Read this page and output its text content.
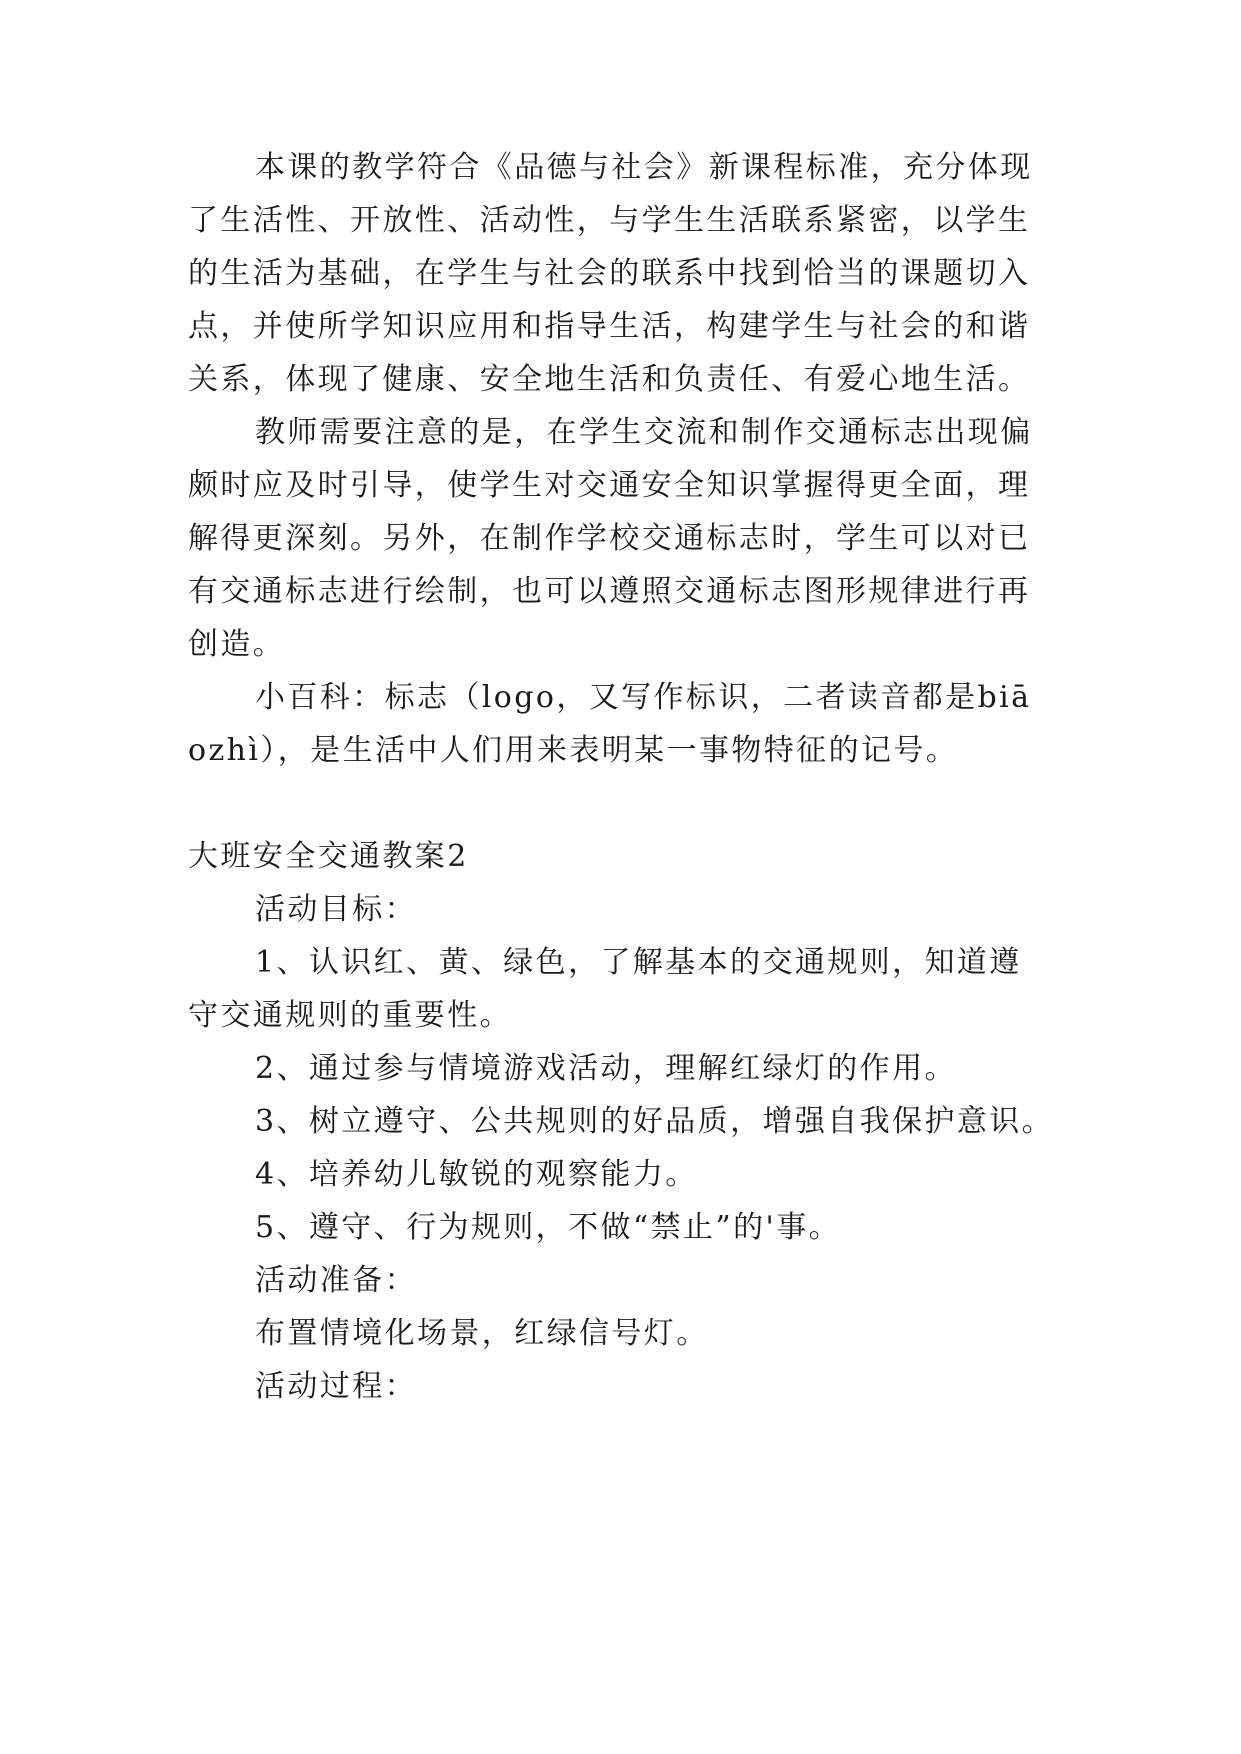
本课的教学符合《品德与社会》新课程标准，充分体现
了生活性、开放性、活动性，与学生生活联系紧密，以学生
的生活为基础，在学生与社会的联系中找到恰当的课题切入
点，并使所学知识应用和指导生活，构建学生与社会的和谐
关系，体现了健康、安全地生活和负责任、有爱心地生活。
教师需要注意的是，在学生交流和制作交通标志出现偏
颇时应及时引导，使学生对交通安全知识掌握得更全面，理
解得更深刻。另外，在制作学校交通标志时，学生可以对已
有交通标志进行绘制，也可以遵照交通标志图形规律进行再
创造。
小百科：标志（logo，又写作标识，二者读音都是biā
ozhì），是生活中人们用来表明某一事物特征的记号。
大班安全交通教案2
活动目标：
1、认识红、黄、绿色，了解基本的交通规则，知道遵
守交通规则的重要性。
2、通过参与情境游戏活动，理解红绿灯的作用。
3、树立遵守、公共规则的好品质，增强自我保护意识。
4、培养幼儿敏锐的观察能力。
5、遵守、行为规则，不做“禁止”的'事。
活动准备：
布置情境化场景，红绿信号灯。
活动过程：
